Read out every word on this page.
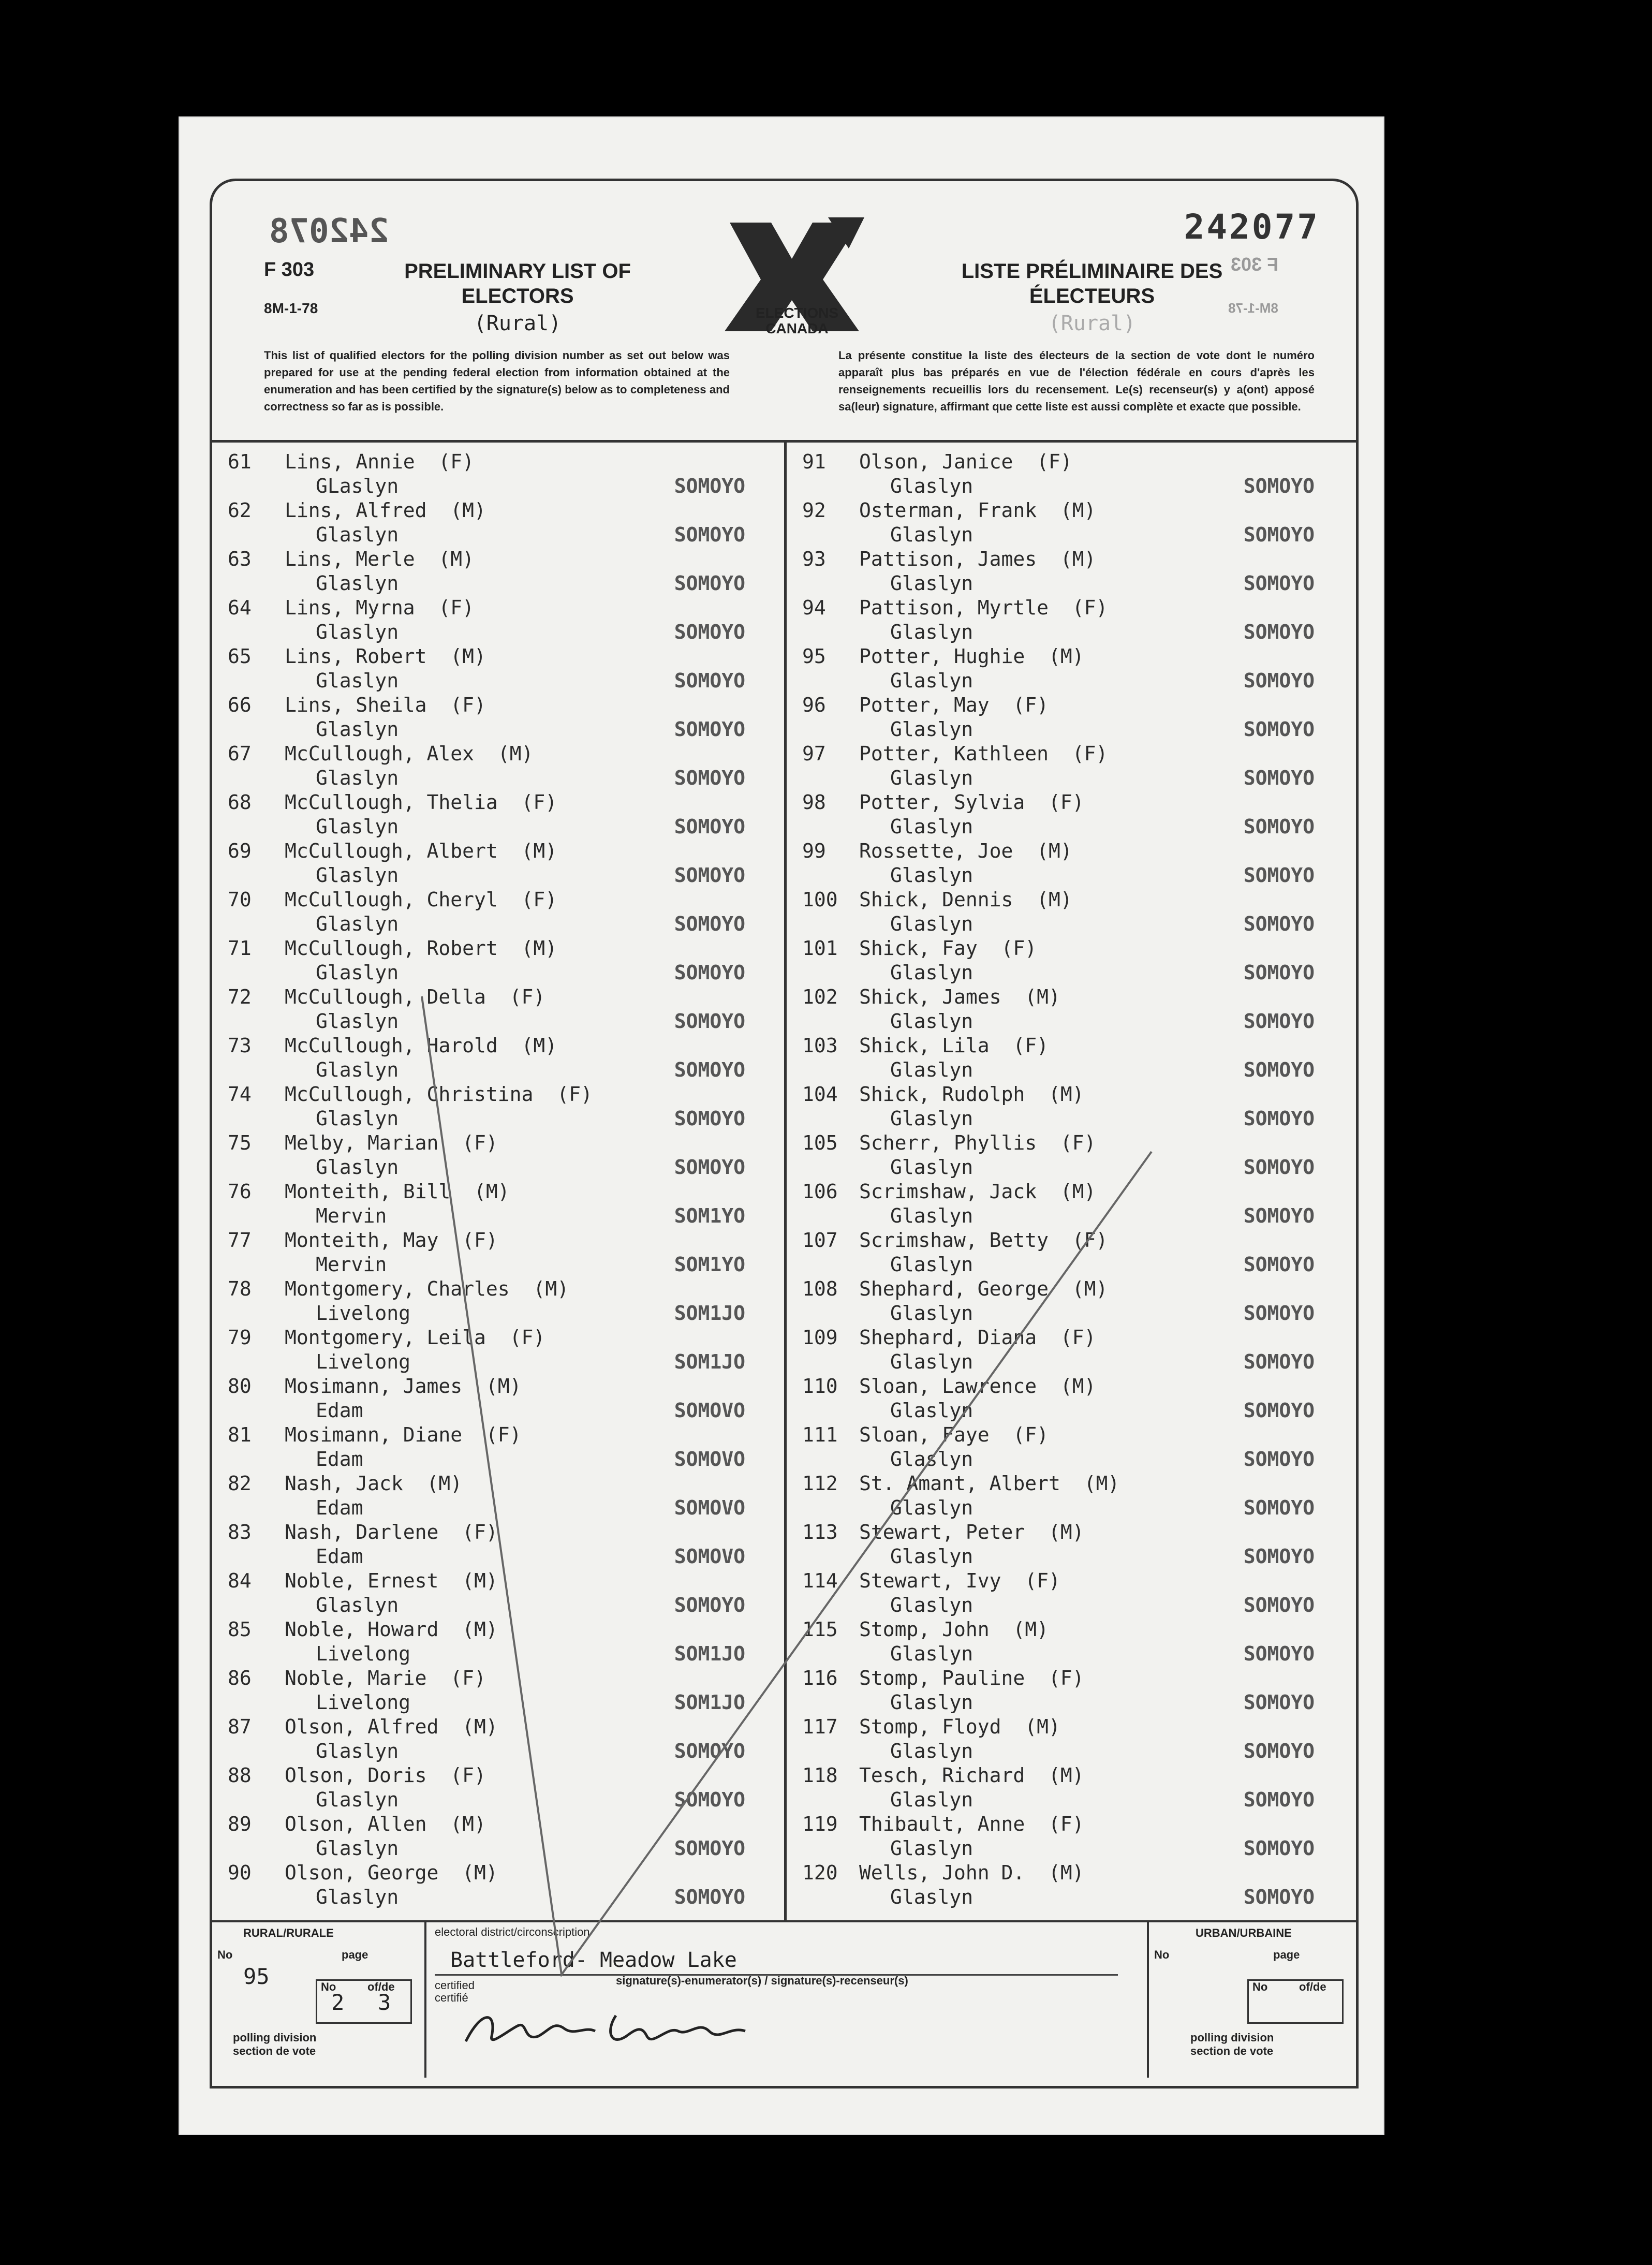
242078	242077
F 303	F 303
8M-1-78	8M-1-78
PRELIMINARY LIST OF
ELECTORS
(Rural)	ELECTIONS
CANADA
LISTE PRÉLIMINAIRE DES
ÉLECTEURS
(Rural)
This list of qualified electors for the polling division number as set out below was prepared for use at the pending federal election from information obtained at the enumeration and has been certified by the signature(s) below as to completeness and correctness so far as is possible.
La présente constitue la liste des électeurs de la section de vote dont le numéro apparaît plus bas préparés en vue de l'élection fédérale en cours d'après les renseignements recueillis lors du recensement. Le(s) recenseur(s) y a(ont) apposé sa(leur) signature, affirmant que cette liste est aussi complète et exacte que possible.
61	Lins, Annie  (F)
GLaslyn	SOMOYO
62	Lins, Alfred  (M)
Glaslyn	SOMOYO
63	Lins, Merle  (M)
Glaslyn	SOMOYO
64	Lins, Myrna  (F)
Glaslyn	SOMOYO
65	Lins, Robert  (M)
Glaslyn	SOMOYO
66	Lins, Sheila  (F)
Glaslyn	SOMOYO
67	McCullough, Alex  (M)
Glaslyn	SOMOYO
68	McCullough, Thelia  (F)
Glaslyn	SOMOYO
69	McCullough, Albert  (M)
Glaslyn	SOMOYO
70	McCullough, Cheryl  (F)
Glaslyn	SOMOYO
71	McCullough, Robert  (M)
Glaslyn	SOMOYO
72	McCullough, Della  (F)
Glaslyn	SOMOYO
73	McCullough, Harold  (M)
Glaslyn	SOMOYO
74	McCullough, Christina  (F)
Glaslyn	SOMOYO
75	Melby, Marian  (F)
Glaslyn	SOMOYO
76	Monteith, Bill  (M)
Mervin	SOM1YO
77	Monteith, May  (F)
Mervin	SOM1YO
78	Montgomery, Charles  (M)
Livelong	SOM1JO
79	Montgomery, Leila  (F)
Livelong	SOM1JO
80	Mosimann, James  (M)
Edam	SOMOVO
81	Mosimann, Diane  (F)
Edam	SOMOVO
82	Nash, Jack  (M)
Edam	SOMOVO
83	Nash, Darlene  (F)
Edam	SOMOVO
84	Noble, Ernest  (M)
Glaslyn	SOMOYO
85	Noble, Howard  (M)
Livelong	SOM1JO
86	Noble, Marie  (F)
Livelong	SOM1JO
87	Olson, Alfred  (M)
Glaslyn	SOMOYO
88	Olson, Doris  (F)
Glaslyn	SOMOYO
89	Olson, Allen  (M)
Glaslyn	SOMOYO
90	Olson, George  (M)
Glaslyn	SOMOYO
91	Olson, Janice  (F)
Glaslyn	SOMOYO
92	Osterman, Frank  (M)
Glaslyn	SOMOYO
93	Pattison, James  (M)
Glaslyn	SOMOYO
94	Pattison, Myrtle  (F)
Glaslyn	SOMOYO
95	Potter, Hughie  (M)
Glaslyn	SOMOYO
96	Potter, May  (F)
Glaslyn	SOMOYO
97	Potter, Kathleen  (F)
Glaslyn	SOMOYO
98	Potter, Sylvia  (F)
Glaslyn	SOMOYO
99	Rossette, Joe  (M)
Glaslyn	SOMOYO
100	Shick, Dennis  (M)
Glaslyn	SOMOYO
101	Shick, Fay  (F)
Glaslyn	SOMOYO
102	Shick, James  (M)
Glaslyn	SOMOYO
103	Shick, Lila  (F)
Glaslyn	SOMOYO
104	Shick, Rudolph  (M)
Glaslyn	SOMOYO
105	Scherr, Phyllis  (F)
Glaslyn	SOMOYO
106	Scrimshaw, Jack  (M)
Glaslyn	SOMOYO
107	Scrimshaw, Betty  (F)
Glaslyn	SOMOYO
108	Shephard, George  (M)
Glaslyn	SOMOYO
109	Shephard, Diana  (F)
Glaslyn	SOMOYO
110	Sloan, Lawrence  (M)
Glaslyn	SOMOYO
111	Sloan, Faye  (F)
Glaslyn	SOMOYO
112	St. Amant, Albert  (M)
Glaslyn	SOMOYO
113	Stewart, Peter  (M)
Glaslyn	SOMOYO
114	Stewart, Ivy  (F)
Glaslyn	SOMOYO
115	Stomp, John  (M)
Glaslyn	SOMOYO
116	Stomp, Pauline  (F)
Glaslyn	SOMOYO
117	Stomp, Floyd  (M)
Glaslyn	SOMOYO
118	Tesch, Richard  (M)
Glaslyn	SOMOYO
119	Thibault, Anne  (F)
Glaslyn	SOMOYO
120	Wells, John D.  (M)
Glaslyn	SOMOYO
RURAL/RURALE
No	page
95	No	of/de
2 3
polling division
section de vote
electoral district/circonscription
Battleford- Meadow Lake
certified
certifié
signature(s)-enumerator(s) / signature(s)-recenseur(s)
URBAN/URBAINE
No	page
No	of/de
polling division
section de vote
